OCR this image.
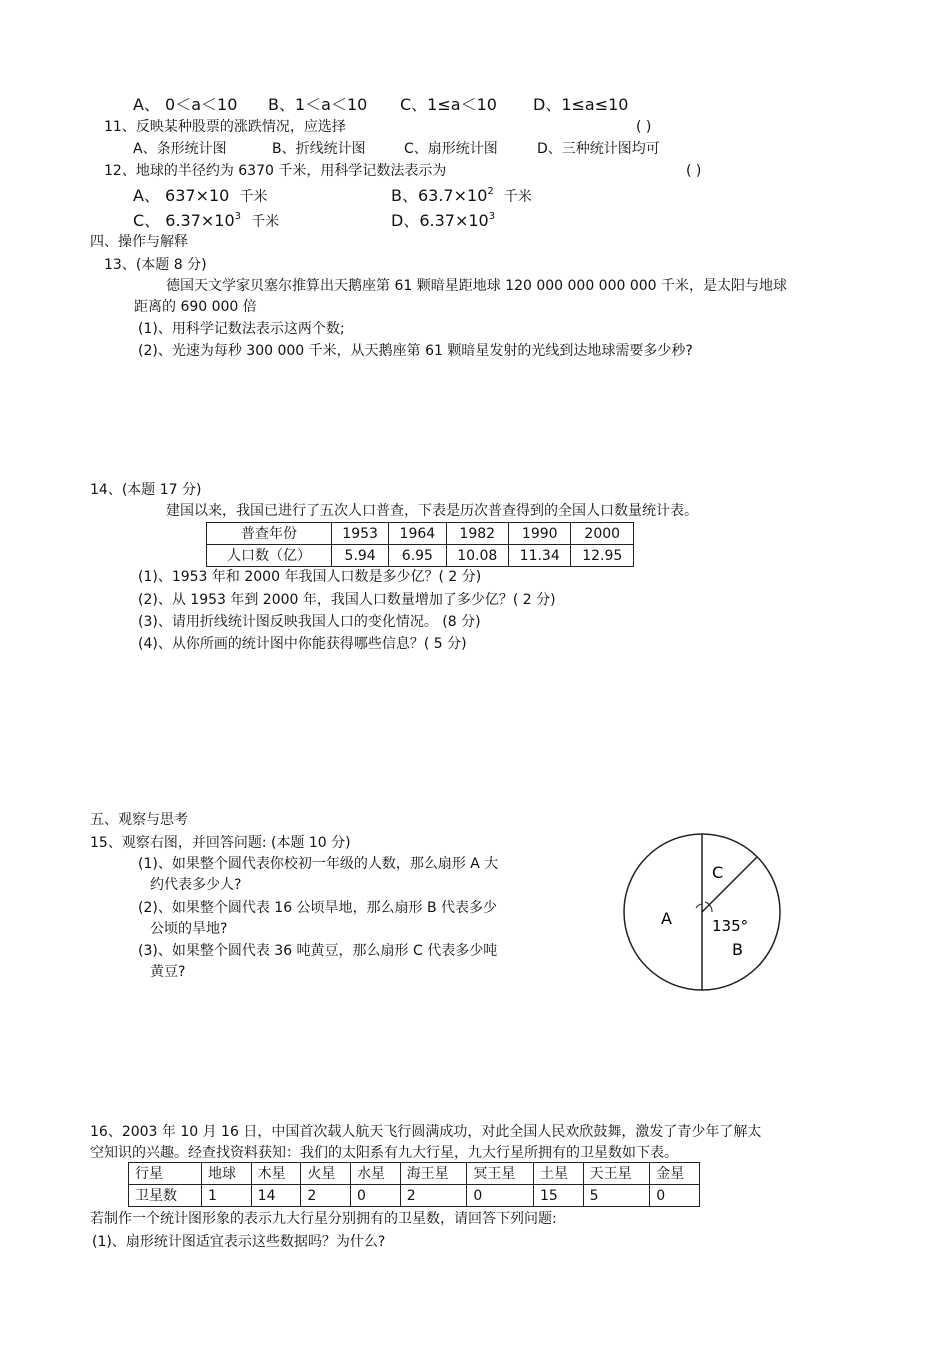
A、 0＜a＜10 B、1＜a＜10 C、1≤a＜10 D、1≤a≤10
11、反映某种股票的涨跌情况，应选择	( )
A、条形统计图	B、折线统计图	C、扇形统计图	D、三种统计图均可
12、地球的半径约为 6370 千米，用科学记数法表示为	( )
A、 637×10 千米	B、$63.7\times 10^2$ 千米
C、 $6.37\times 10^3$ 千米	D、$6.37\times 10^3$
四、操作与解释
13、(本题 8 分)
德国天文学家贝塞尔推算出天鹅座第 61 颗暗星距地球 120 000 000 000 000 千米，是太阳与地球
距离的 690 000 倍
(1)、用科学记数法表示这两个数;
(2)、光速为每秒 300 000 千米，从天鹅座第 61 颗暗星发射的光线到达地球需要多少秒?
14、(本题 17 分)
建国以来，我国已进行了五次人口普查，下表是历次普查得到的全国人口数量统计表。
普查年份	1953	1964	1982	1990	2000
人口数（亿）	5.94	6.95	10.08	11.34	12.95
(1)、1953 年和 2000 年我国人口数是多少亿？( 2 分)
(2)、从 1953 年到 2000 年，我国人口数量增加了多少亿？( 2 分)
(3)、请用折线统计图反映我国人口的变化情况。 (8 分)
(4)、从你所画的统计图中你能获得哪些信息？( 5 分)
五、观察与思考
15、观察右图，并回答问题: (本题 10 分)
(1)、如果整个圆代表你校初一年级的人数，那么扇形 A 大
约代表多少人?
(2)、如果整个圆代表 16 公顷旱地，那么扇形 B 代表多少
公顷的旱地?
(3)、如果整个圆代表 36 吨黄豆，那么扇形 C 代表多少吨
黄豆?
C
A	135°
B
16、2003 年 10 月 16 日，中国首次载人航天飞行圆满成功，对此全国人民欢欣鼓舞，激发了青少年了解太
空知识的兴趣。经查找资料获知：我们的太阳系有九大行星，九大行星所拥有的卫星数如下表。
行星	地球	木星	火星	水星	海王星	冥王星	土星	天王星	金星
卫星数	1	14	2	0	2	0	15	5	0
若制作一个统计图形象的表示九大行星分别拥有的卫星数，请回答下列问题:
(1)、扇形统计图适宜表示这些数据吗？为什么?
